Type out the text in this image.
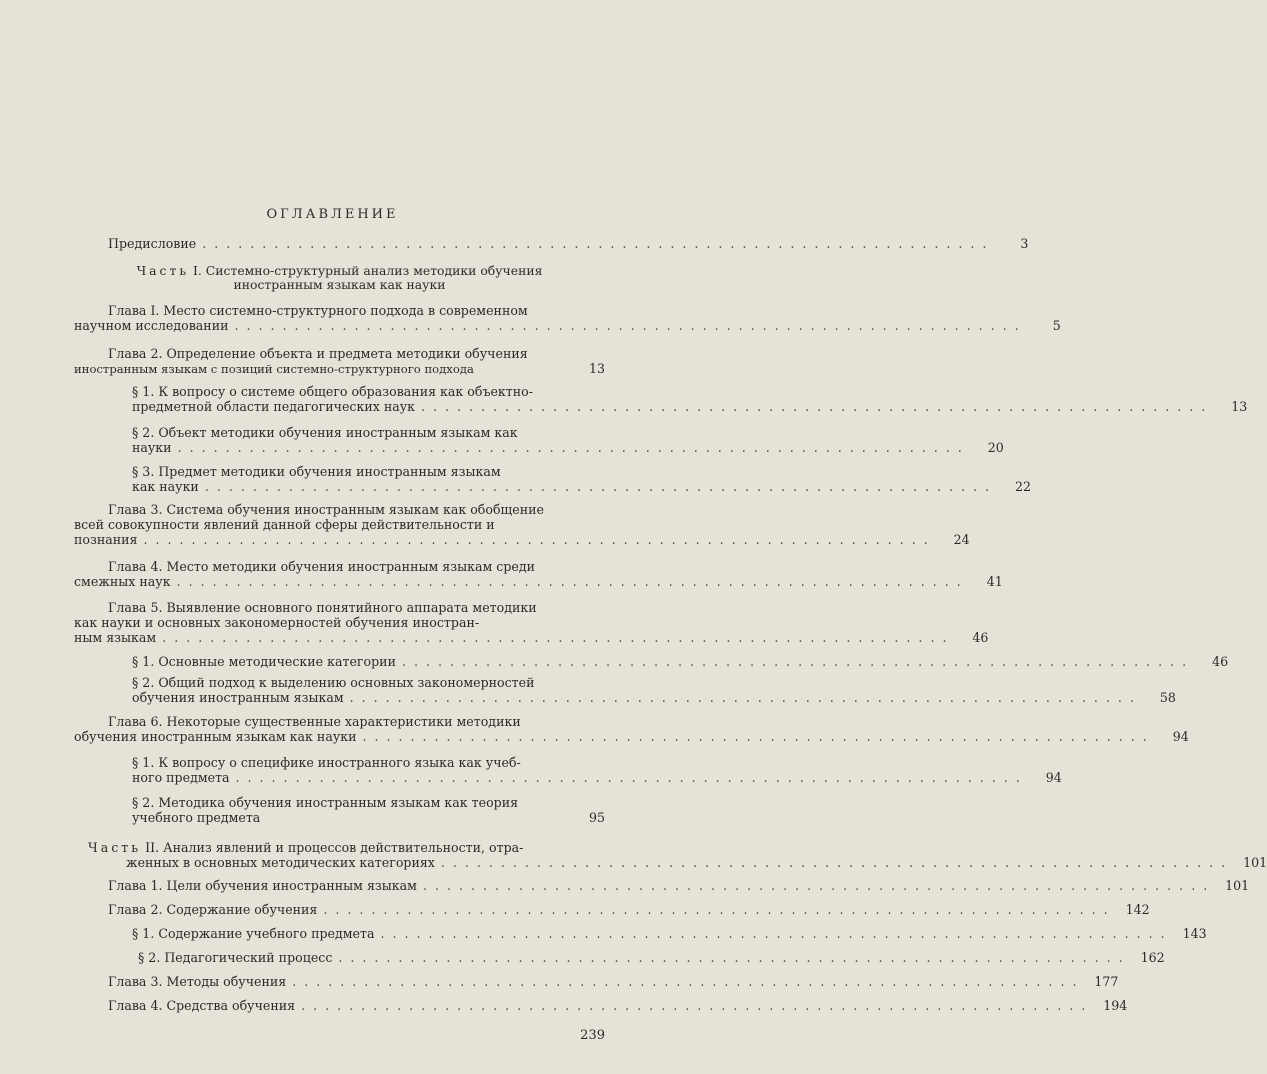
ОГЛАВЛЕНИЕ
Предисловие ..................................................................	3
Часть I. Системно-структурный анализ методики обучения
иностранным языкам как науки
Глава I. Место системно-структурного подхода в современном
научном исследовании ..................................................................	5
Глава 2. Определение объекта и предмета методики обучения
иностранным языкам с позиций системно-структурного подхода	13
§ 1. К вопросу о системе общего образования как объектно-
предметной области педагогических наук ..................................................................	13
§ 2. Объект методики обучения иностранным языкам как
науки ..................................................................	20
§ 3. Предмет методики обучения иностранным языкам
как науки ..................................................................	22
Глава 3. Система обучения иностранным языкам как обобщение
всей совокупности явлений данной сферы действительности и
познания ..................................................................	24
Глава 4. Место методики обучения иностранным языкам среди
смежных наук ..................................................................	41
Глава 5. Выявление основного понятийного аппарата методики
как науки и основных закономерностей обучения иностран-
ным языкам ..................................................................	46
§ 1. Основные методические категории ..................................................................	46
§ 2. Общий подход к выделению основных закономерностей
обучения иностранным языкам ..................................................................	58
Глава 6. Некоторые существенные характеристики методики
обучения иностранным языкам как науки ..................................................................	94
§ 1. К вопросу о специфике иностранного языка как учеб-
ного предмета ..................................................................	94
§ 2. Методика обучения иностранным языкам как теория
учебного предмета	95
Часть II. Анализ явлений и процессов действительности, отра-
женных в основных методических категориях .................................................................. 101
Глава 1. Цели обучения иностранным языкам .................................................................. 101
Глава 2. Содержание обучения .................................................................. 142
§ 1. Содержание учебного предмета .................................................................. 143
§ 2. Педагогический процесс .................................................................. 162
Глава 3. Методы обучения .................................................................. 177
Глава 4. Средства обучения .................................................................. 194
239
